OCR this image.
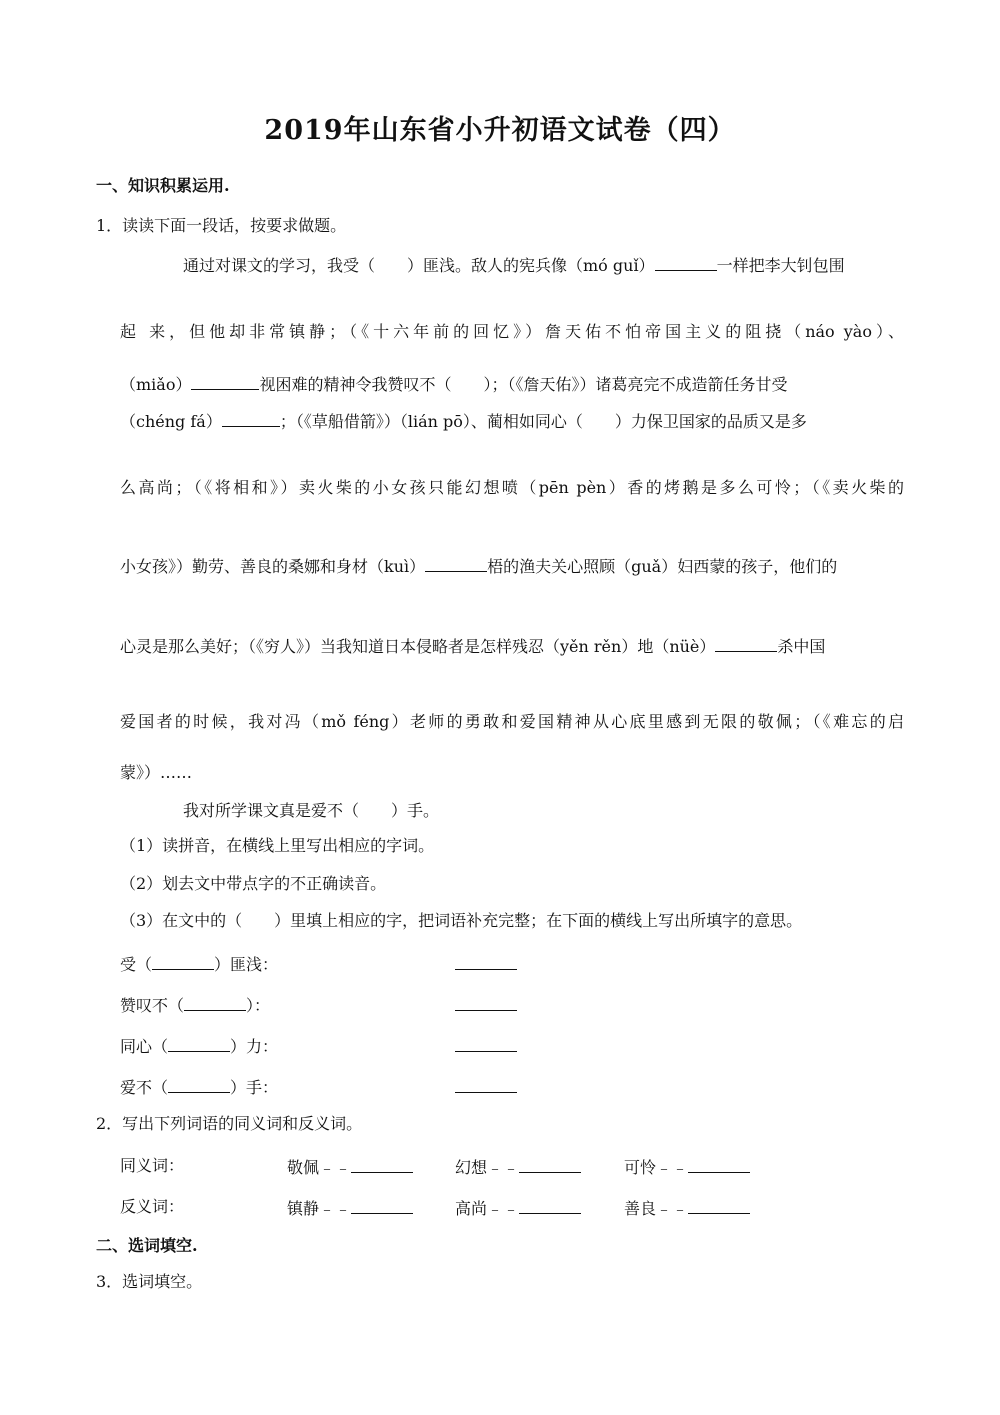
2019年山东省小升初语文试卷（四）
一、知识积累运用.
1．读读下面一段话，按要求做题。
通过对课文的学习，我受（　　）匪浅。敌人的宪兵像（mó guǐ）	一样把李大钊包围
起 来，但他却非常镇静；（《十六年前的回忆》）詹天佑不怕帝国主义的阻挠（náo yào）、
（miǎo）	视困难的精神令我赞叹不（　　）；（《詹天佑》）诸葛亮完不成造箭任务甘受
（chéng fá）	；（《草船借箭》）（lián pō）、蔺相如同心（　　）力保卫国家的品质又是多
么高尚；（《将相和》）卖火柴的小女孩只能幻想喷（pēn pèn）香的烤鹅是多么可怜；（《卖火柴的
小女孩》）勤劳、善良的桑娜和身材（kuì）	梧的渔夫关心照顾（guǎ）妇西蒙的孩子，他们的
心灵是那么美好；（《穷人》）当我知道日本侵略者是怎样残忍（yěn rěn）地（nüè）	杀中国
爱国者的时候，我对冯（mǒ féng）老师的勇敢和爱国精神从心底里感到无限的敬佩；（《难忘的启
蒙》）……
我对所学课文真是爱不（　　）手。
（1）读拼音，在横线上里写出相应的字词。
（2）划去文中带点字的不正确读音。
（3）在文中的（　　）里填上相应的字，把词语补充完整；在下面的横线上写出所填字的意思。
受（	）匪浅：
赞叹不（	）：
同心（	）力：
爱不（	）手：
2．写出下列词语的同义词和反义词。
同义词：	敬佩﹣﹣	幻想﹣﹣	可怜﹣﹣
反义词：	镇静﹣﹣	高尚﹣﹣	善良﹣﹣
二、选词填空.
3．选词填空。
